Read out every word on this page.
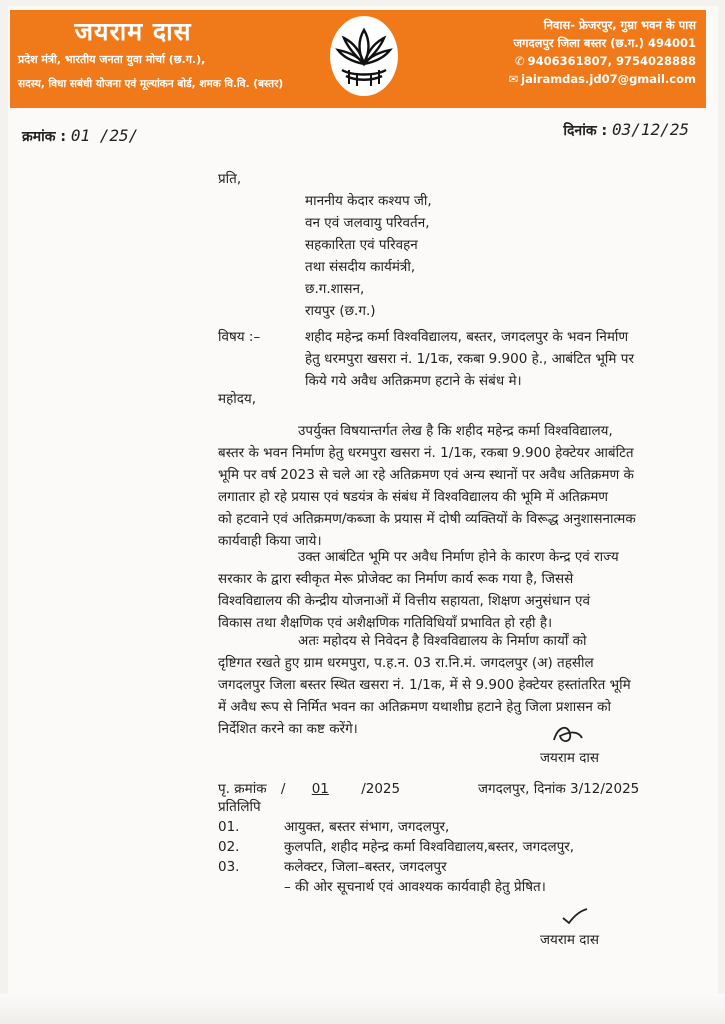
जयराम दास
प्रदेश मंत्री, भारतीय जनता युवा मोर्चा (छ.ग.),
सदस्य, विधा सबंधी योजना एवं मूल्यांकन बोर्ड, शमक वि.वि. (बस्तर)
निवास- फ्रेजरपुर, गुम्रा भवन के पास
जगदलपुर जिला बस्तर (छ.ग.) 494001
✆ 9406361807, 9754028888
✉ jairamdas.jd07@gmail.com
क्रमांक : 01 /25/	दिनांक : 03/12/25
प्रति,
माननीय केदार कश्यप जी,
वन एवं जलवायु परिवर्तन,
सहकारिता एवं परिवहन
तथा संसदीय कार्यमंत्री,
छ.ग.शासन,
रायपुर (छ.ग.)
विषय :–	शहीद महेन्द्र कर्मा विश्वविद्यालय, बस्तर, जगदलपुर के भवन निर्माण
हेतु धरमपुरा खसरा नं. 1/1क, रकबा 9.900 हे., आबंटित भूमि पर
किये गये अवैध अतिक्रमण हटाने के संबंध मे।
महोदय,
उपर्युक्त विषयान्तर्गत लेख है कि शहीद महेन्द्र कर्मा विश्वविद्यालय,
बस्तर के भवन निर्माण हेतु धरमपुरा खसरा नं. 1/1क, रकबा 9.900 हेक्टेयर आबंटित
भूमि पर वर्ष 2023 से चले आ रहे अतिक्रमण एवं अन्य स्थानों पर अवैध अतिक्रमण के
लगातार हो रहे प्रयास एवं षडयंत्र के संबंध में विश्वविद्यालय की भूमि में अतिक्रमण
को हटवाने एवं अतिक्रमण/कब्जा के प्रयास में दोषी व्यक्तियों के विरूद्ध अनुशासनात्मक
कार्यवाही किया जाये।
उक्त आबंटित भूमि पर अवैध निर्माण होने के कारण केन्द्र एवं राज्य
सरकार के द्वारा स्वीकृत मेरू प्रोजेक्ट का निर्माण कार्य रूक गया है, जिससे
विश्वविद्यालय की केन्द्रीय योजनाओं में वित्तीय सहायता, शिक्षण अनुसंधान एवं
विकास तथा शैक्षणिक एवं अशैक्षणिक गतिविधियॉं प्रभावित हो रही है।
अतः महोदय से निवेदन है विश्वविद्यालय के निर्माण कार्यों को
दृष्टिगत रखते हुए ग्राम धरमपुरा, प.ह.न. 03 रा.नि.मं. जगदलपुर (अ) तहसील
जगदलपुर जिला बस्तर स्थित खसरा नं. 1/1क, में से 9.900 हेक्टेयर हस्तांतरित भूमि
में अवैध रूप से निर्मित भवन का अतिक्रमण यथाशीघ्र हटाने हेतु जिला प्रशासन को
निर्देशित करने का कष्ट करेंगे।
जयराम दास
पृ. क्रमांक / 01 /2025	जगदलपुर, दिनांक 3/12/2025
प्रतिलिपि
01.	आयुक्त, बस्तर संभाग, जगदलपुर,
02.	कुलपति, शहीद महेन्द्र कर्मा विश्वविद्यालय,बस्तर, जगदलपुर,
03.	कलेक्टर, जिला–बस्तर, जगदलपुर
– की ओर सूचनार्थ एवं आवश्यक कार्यवाही हेतु प्रेषित।
जयराम दास
